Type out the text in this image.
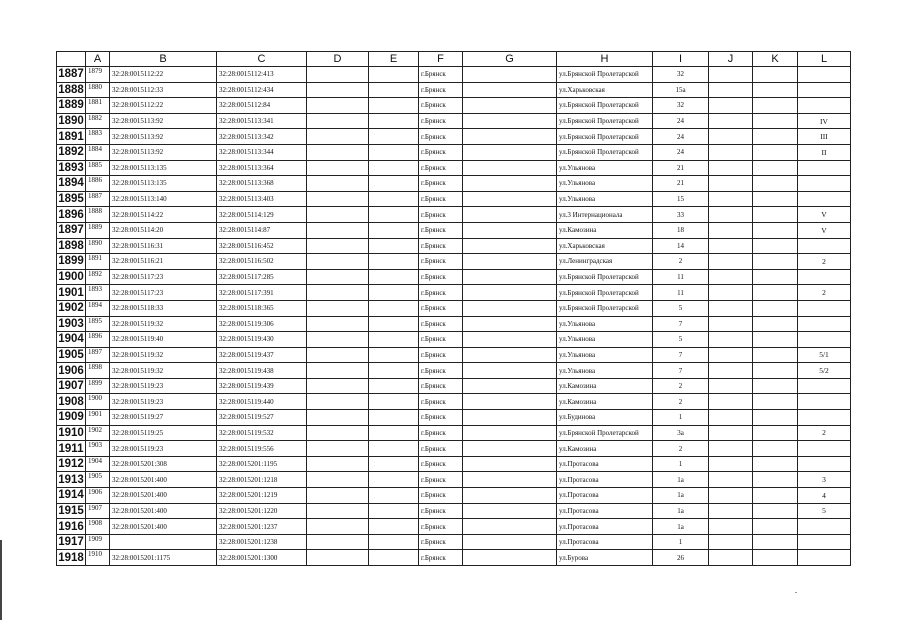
	A	B	C	D	E	F	G	H	I	J	K	L
1887	1879	32:28:0015112:22	32:28:0015112:413			г.Брянск		ул.Брянской Пролетарской	32			
1888	1880	32:28:0015112:33	32:28:0015112:434			г.Брянск		ул.Харьковская	15а			
1889	1881	32:28:0015112:22	32:28:0015112:84			г.Брянск		ул.Брянской Пролетарской	32			
1890	1882	32:28:0015113:92	32:28:0015113:341			г.Брянск		ул.Брянской Пролетарской	24			IV
1891	1883	32:28:0015113:92	32:28:0015113:342			г.Брянск		ул.Брянской Пролетарской	24			III
1892	1884	32:28:0015113:92	32:28:0015113:344			г.Брянск		ул.Брянской Пролетарской	24			II
1893	1885	32:28:0015113:135	32:28:0015113:364			г.Брянск		ул.Ульянова	21			
1894	1886	32:28:0015113:135	32:28:0015113:368			г.Брянск		ул.Ульянова	21			
1895	1887	32:28:0015113:140	32:28:0015113:403			г.Брянск		ул.Ульянова	15			
1896	1888	32:28:0015114:22	32:28:0015114:129			г.Брянск		ул.3 Интернационала	33			V
1897	1889	32:28:0015114:20	32:28:0015114:87			г.Брянск		ул.Камозина	18			V
1898	1890	32:28:0015116:31	32:28:0015116:452			г.Брянск		ул.Харьковская	14			
1899	1891	32:28:0015116:21	32:28:0015116:502			г.Брянск		ул.Ленинградская	2			2
1900	1892	32:28:0015117:23	32:28:0015117:285			г.Брянск		ул.Брянской Пролетарской	11			
1901	1893	32:28:0015117:23	32:28:0015117:391			г.Брянск		ул.Брянской Пролетарской	11			2
1902	1894	32:28:0015118:33	32:28:0015118:365			г.Брянск		ул.Брянской Пролетарской	5			
1903	1895	32:28:0015119:32	32:28:0015119:306			г.Брянск		ул.Ульянова	7			
1904	1896	32:28:0015119:40	32:28:0015119:430			г.Брянск		ул.Ульянова	5			
1905	1897	32:28:0015119:32	32:28:0015119:437			г.Брянск		ул.Ульянова	7			5/1
1906	1898	32:28:0015119:32	32:28:0015119:438			г.Брянск		ул.Ульянова	7			5/2
1907	1899	32:28:0015119:23	32:28:0015119:439			г.Брянск		ул.Камозина	2			
1908	1900	32:28:0015119:23	32:28:0015119:440			г.Брянск		ул.Камозина	2			
1909	1901	32:28:0015119:27	32:28:0015119:527			г.Брянск		ул.Будинова	1			
1910	1902	32:28:0015119:25	32:28:0015119:532			г.Брянск		ул.Брянской Пролетарской	3а			2
1911	1903	32:28:0015119:23	32:28:0015119:556			г.Брянск		ул.Камозина	2			
1912	1904	32:28:0015201:308	32:28:0015201:1195			г.Брянск		ул.Протасова	1			
1913	1905	32:28:0015201:400	32:28:0015201:1218			г.Брянск		ул.Протасова	1а			3
1914	1906	32:28:0015201:400	32:28:0015201:1219			г.Брянск		ул.Протасова	1а			4
1915	1907	32:28:0015201:400	32:28:0015201:1220			г.Брянск		ул.Протасова	1а			5
1916	1908	32:28:0015201:400	32:28:0015201:1237			г.Брянск		ул.Протасова	1а			
1917	1909		32:28:0015201:1238			г.Брянск		ул.Протасова	1			
1918	1910	32:28:0015201:1175	32:28:0015201:1300			г.Брянск		ул.Бурова	26			
